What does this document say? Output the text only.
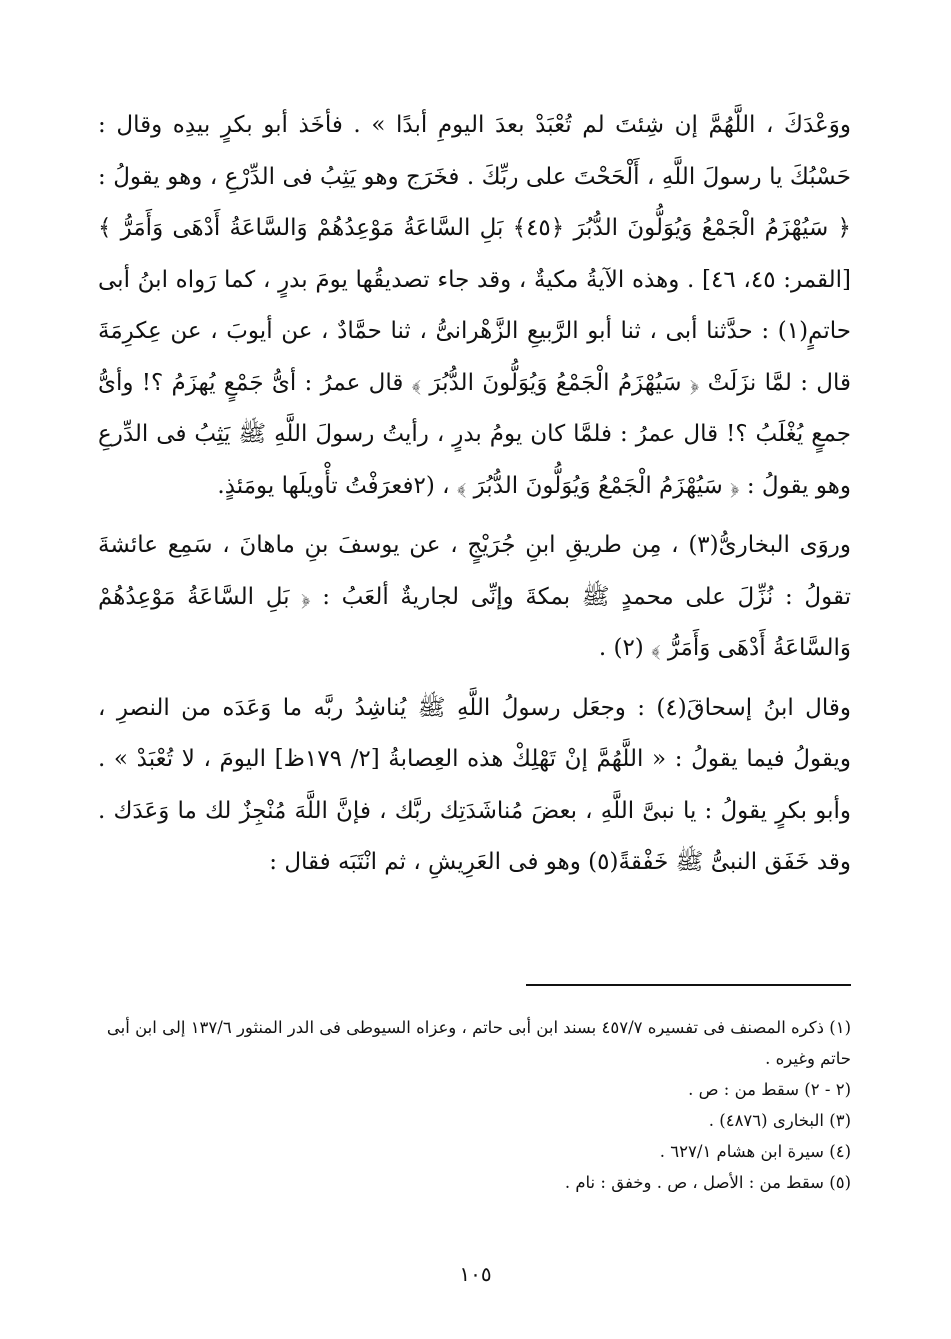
ووَعْدَكَ ، اللَّهُمَّ إن شِئتَ لم تُعْبَدْ بعدَ اليومِ أبدًا » . فأخَذ أبو بكرٍ بيدِه وقال : حَسْبُكَ يا رسولَ اللَّهِ ، أَلْحَحْتَ على ربِّكَ . فخَرَج وهو يَثِبُ فى الدِّرْعِ ، وهو يقولُ : ﴿ سَيُهْزَمُ الْجَمْعُ وَيُوَلُّونَ الدُّبُرَ ﴿٤٥﴾ بَلِ السَّاعَةُ مَوْعِدُهُمْ وَالسَّاعَةُ أَدْهَى وَأَمَرُّ ﴾ [القمر: ٤٥، ٤٦] . وهذه الآيةُ مكيةٌ ، وقد جاء تصديقُها يومَ بدرٍ ، كما رَواه ابنُ أبى حاتمٍ(١) : حدَّثنا أبى ، ثنا أبو الرَّبيعِ الزَّهْرانىُّ ، ثنا حمَّادٌ ، عن أيوبَ ، عن عِكرِمَةَ قال : لمَّا نزَلَتْ ﴿ سَيُهْزَمُ الْجَمْعُ وَيُوَلُّونَ الدُّبُرَ ﴾ قال عمرُ : أىُّ جَمْعٍ يُهزَمُ ؟! وأىُّ جمعٍ يُغْلَبُ ؟! قال عمرُ : فلمَّا كان يومُ بدرٍ ، رأيتُ رسولَ اللَّهِ ﷺ يَثِبُ فى الدِّرعِ وهو يقولُ : ﴿ سَيُهْزَمُ الْجَمْعُ وَيُوَلُّونَ الدُّبُرَ ﴾ ، (٢فعرَفْتُ تأْويلَها يومَئذٍ.

وروَى البخارىُّ(٣) ، مِن طريقِ ابنِ جُرَيْجٍ ، عن يوسفَ بنِ ماهانَ ، سَمِع عائشةَ تقولُ : نُزِّلَ على محمدٍ ﷺ بمكةَ وإنِّى لجاريةٌ ألعَبُ : ﴿ بَلِ السَّاعَةُ مَوْعِدُهُمْ وَالسَّاعَةُ أَدْهَى وَأَمَرُّ ﴾ (٢) .

وقال ابنُ إسحاقَ(٤) : وجعَل رسولُ اللَّهِ ﷺ يُناشِدُ ربَّه ما وَعَدَه من النصرِ ، ويقولُ فيما يقولُ : « اللَّهُمَّ إنْ تَهْلِكْ هذه العِصابةُ [٢/ ١٧٩ظ] اليومَ ، لا تُعْبَدْ » . وأبو بكرٍ يقولُ : يا نبىَّ اللَّهِ ، بعضَ مُناشَدَتِك ربَّك ، فإنَّ اللَّهَ مُنْجِزٌ لك ما وَعَدَك . وقد خَفَق النبىُّ ﷺ خَفْقةً(٥) وهو فى العَرِيشِ ، ثم انْتَبَه فقال :

(١) ذكره المصنف فى تفسيره ٤٥٧/٧ بسند ابن أبى حاتم ، وعزاه السيوطى فى الدر المنثور ١٣٧/٦ إلى ابن أبى حاتم وغيره .
(٢ - ٢) سقط من : ص .
(٣) البخارى (٤٨٧٦) .
(٤) سيرة ابن هشام ٦٢٧/١ .
(٥) سقط من : الأصل ، ص . وخفق : نام .
١٠٥
